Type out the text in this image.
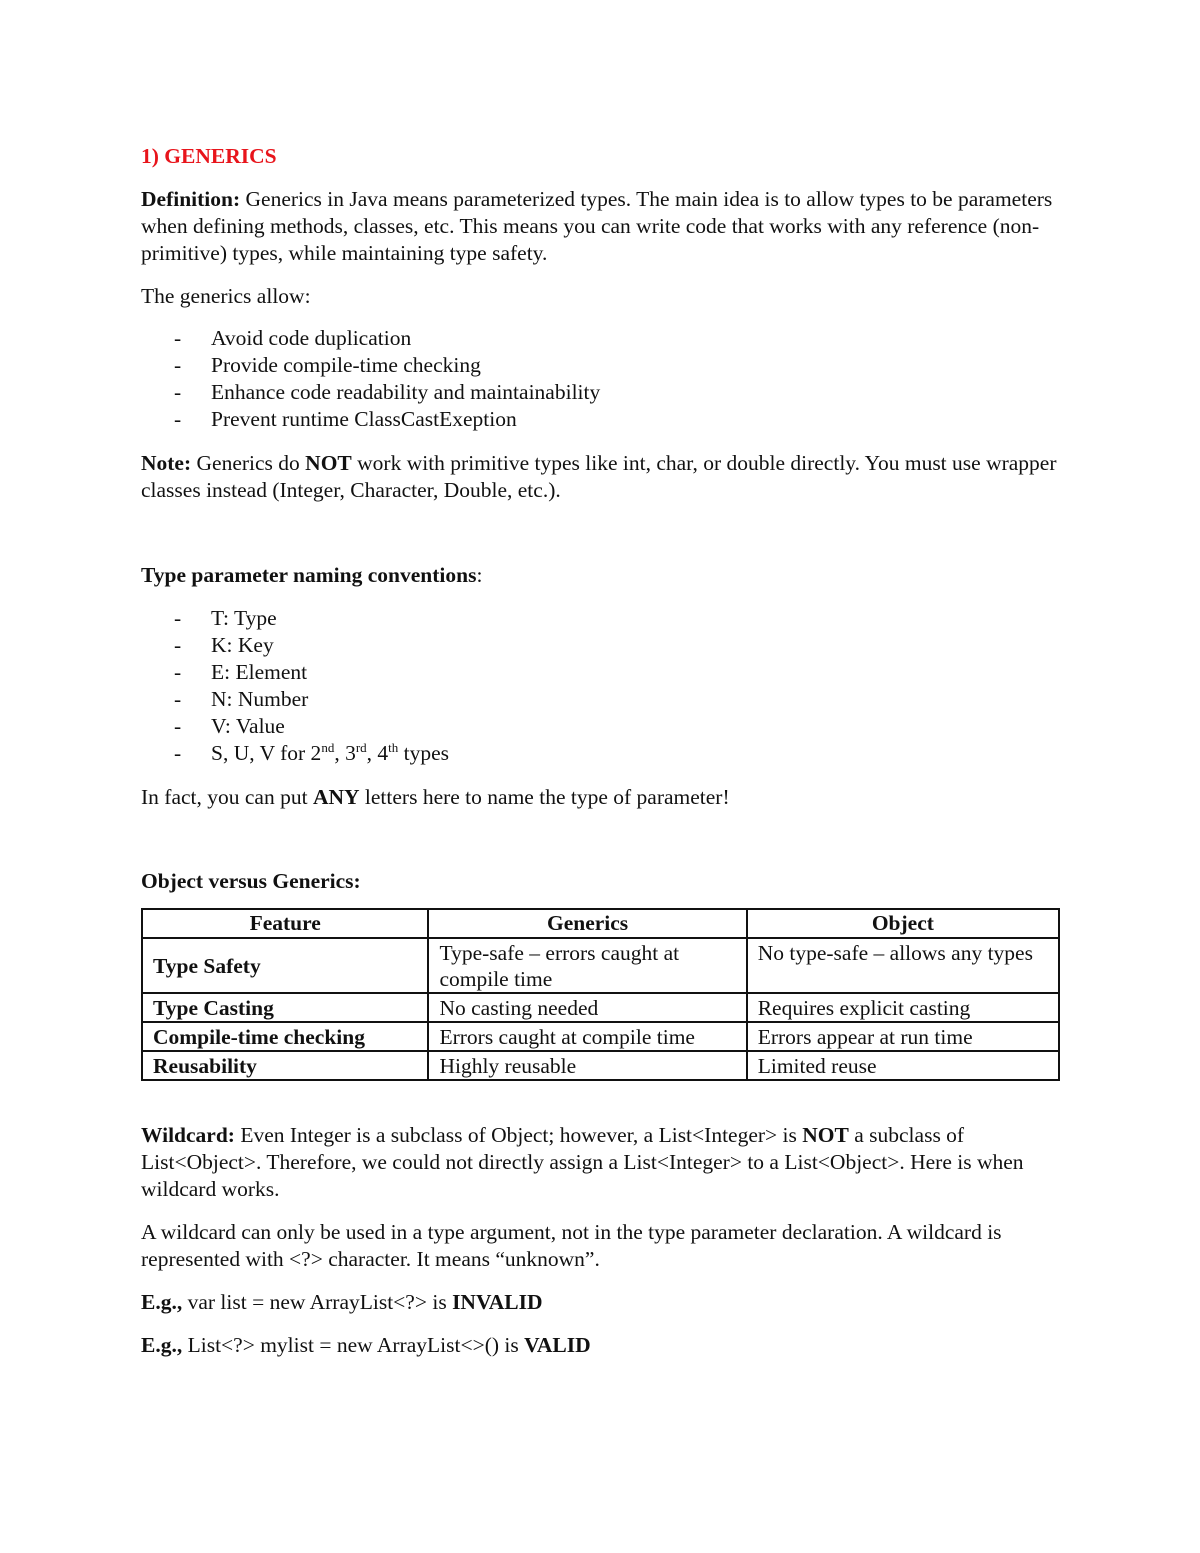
1) GENERICS

Definition: Generics in Java means parameterized types. The main idea is to allow types to be parameters when defining methods, classes, etc. This means you can write code that works with any reference (non-primitive) types, while maintaining type safety.

The generics allow:

- Avoid code duplication
- Provide compile-time checking
- Enhance code readability and maintainability
- Prevent runtime ClassCastExeption

Note: Generics do NOT work with primitive types like int, char, or double directly. You must use wrapper classes instead (Integer, Character, Double, etc.).

Type parameter naming conventions:

- T: Type
- K: Key
- E: Element
- N: Number
- V: Value
- S, U, V for 2nd, 3rd, 4th types

In fact, you can put ANY letters here to name the type of parameter!

Object versus Generics:

Feature	Generics	Object
Type Safety	Type-safe – errors caught at compile time	No type-safe – allows any types
Type Casting	No casting needed	Requires explicit casting
Compile-time checking	Errors caught at compile time	Errors appear at run time
Reusability	Highly reusable	Limited reuse

Wildcard: Even Integer is a subclass of Object; however, a List<Integer> is NOT a subclass of List<Object>. Therefore, we could not directly assign a List<Integer> to a List<Object>. Here is when wildcard works.

A wildcard can only be used in a type argument, not in the type parameter declaration. A wildcard is represented with <?> character. It means “unknown”.

E.g., var list = new ArrayList<?> is INVALID

E.g., List<?> mylist = new ArrayList<>() is VALID
